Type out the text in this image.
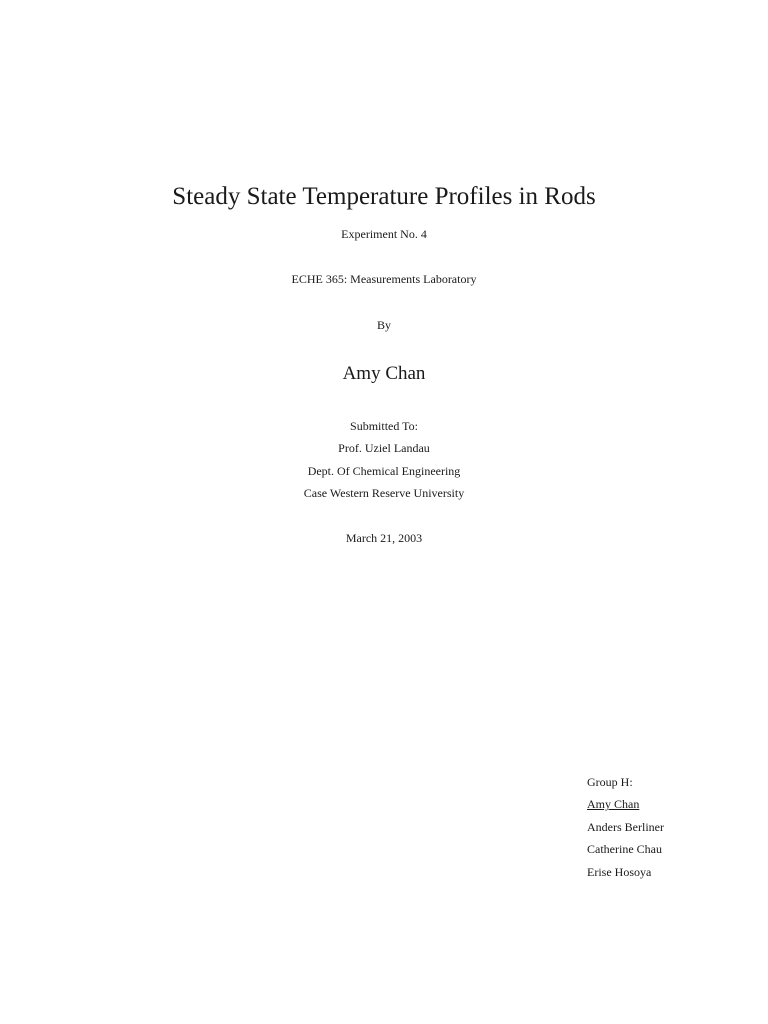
Steady State Temperature Profiles in Rods
Experiment No. 4
ECHE 365: Measurements Laboratory
By
Amy Chan
Submitted To:
Prof. Uziel Landau
Dept. Of Chemical Engineering
Case Western Reserve University
March 21, 2003
Group H:
Amy Chan
Anders Berliner
Catherine Chau
Erise Hosoya
